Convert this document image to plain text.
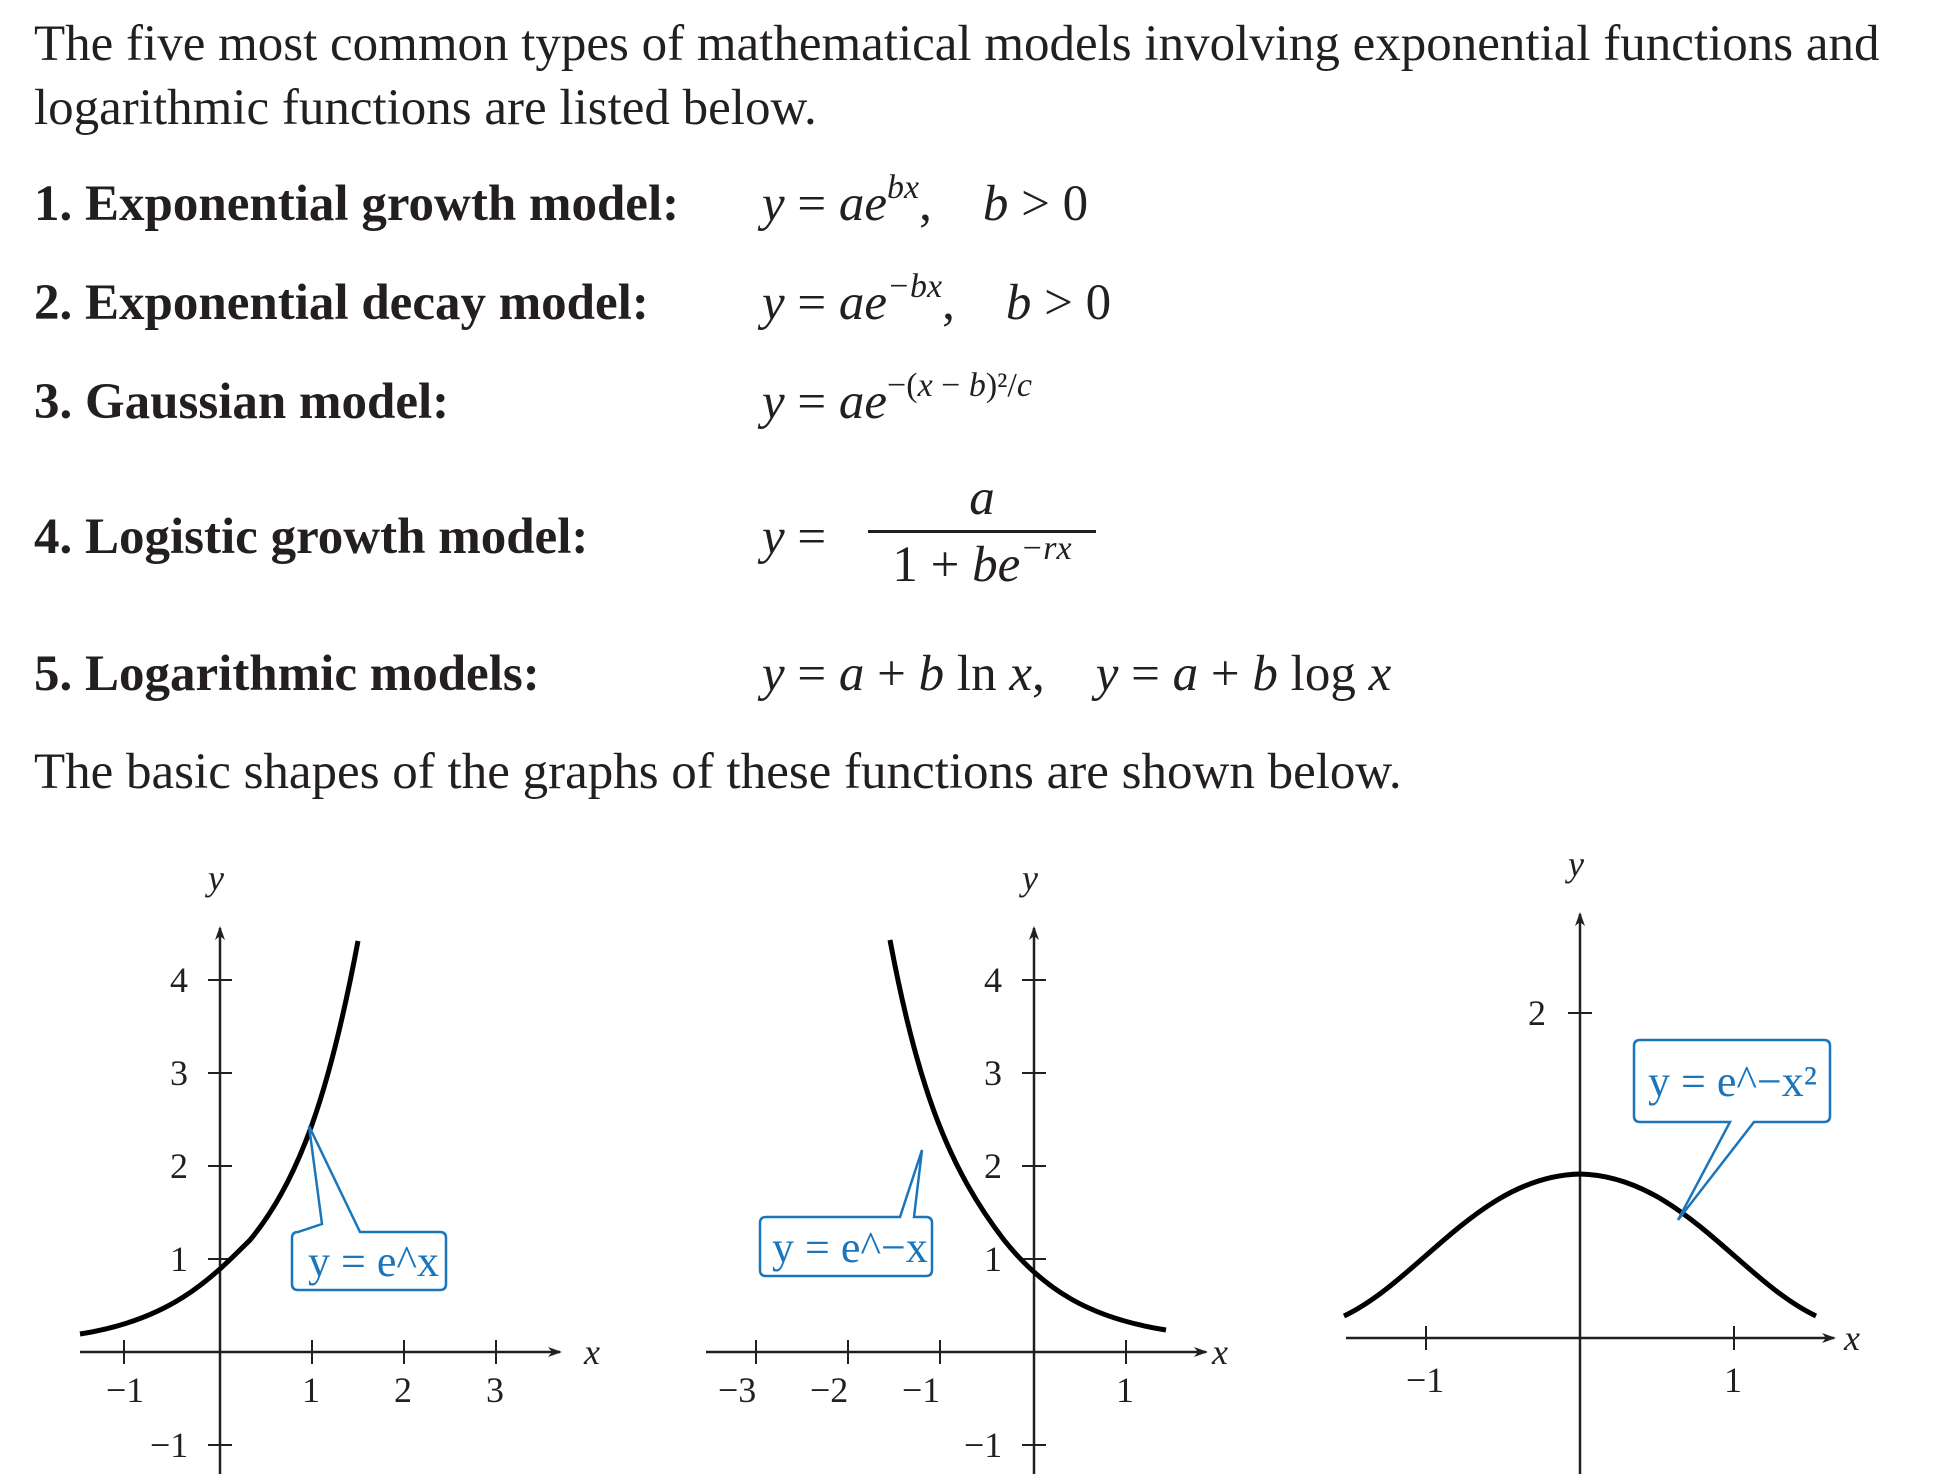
The five most common types of mathematical models involving exponential functions and logarithmic functions are listed below.

1. Exponential growth model: $y = ae^{bx}$,    b > 0
2. Exponential decay model: $y = ae^{-bx}$,    b > 0
3. Gaussian model:	$y = ae^{-(x - b)^2/c}$
4. Logistic growth model:	y =
a
$1 + be^{-rx}$
5. Logarithmic models:	y = a + b ln x,    y = a + b log x

The basic shapes of the graphs of these functions are shown below.

−1	1 2 3
4
3
2
1
−1
x
y
y = e^x
−3 −2 −1	1
4
3
2
1
−1
x
y
y = e^−x
−1	1
2
x
y
y = e^−x²
